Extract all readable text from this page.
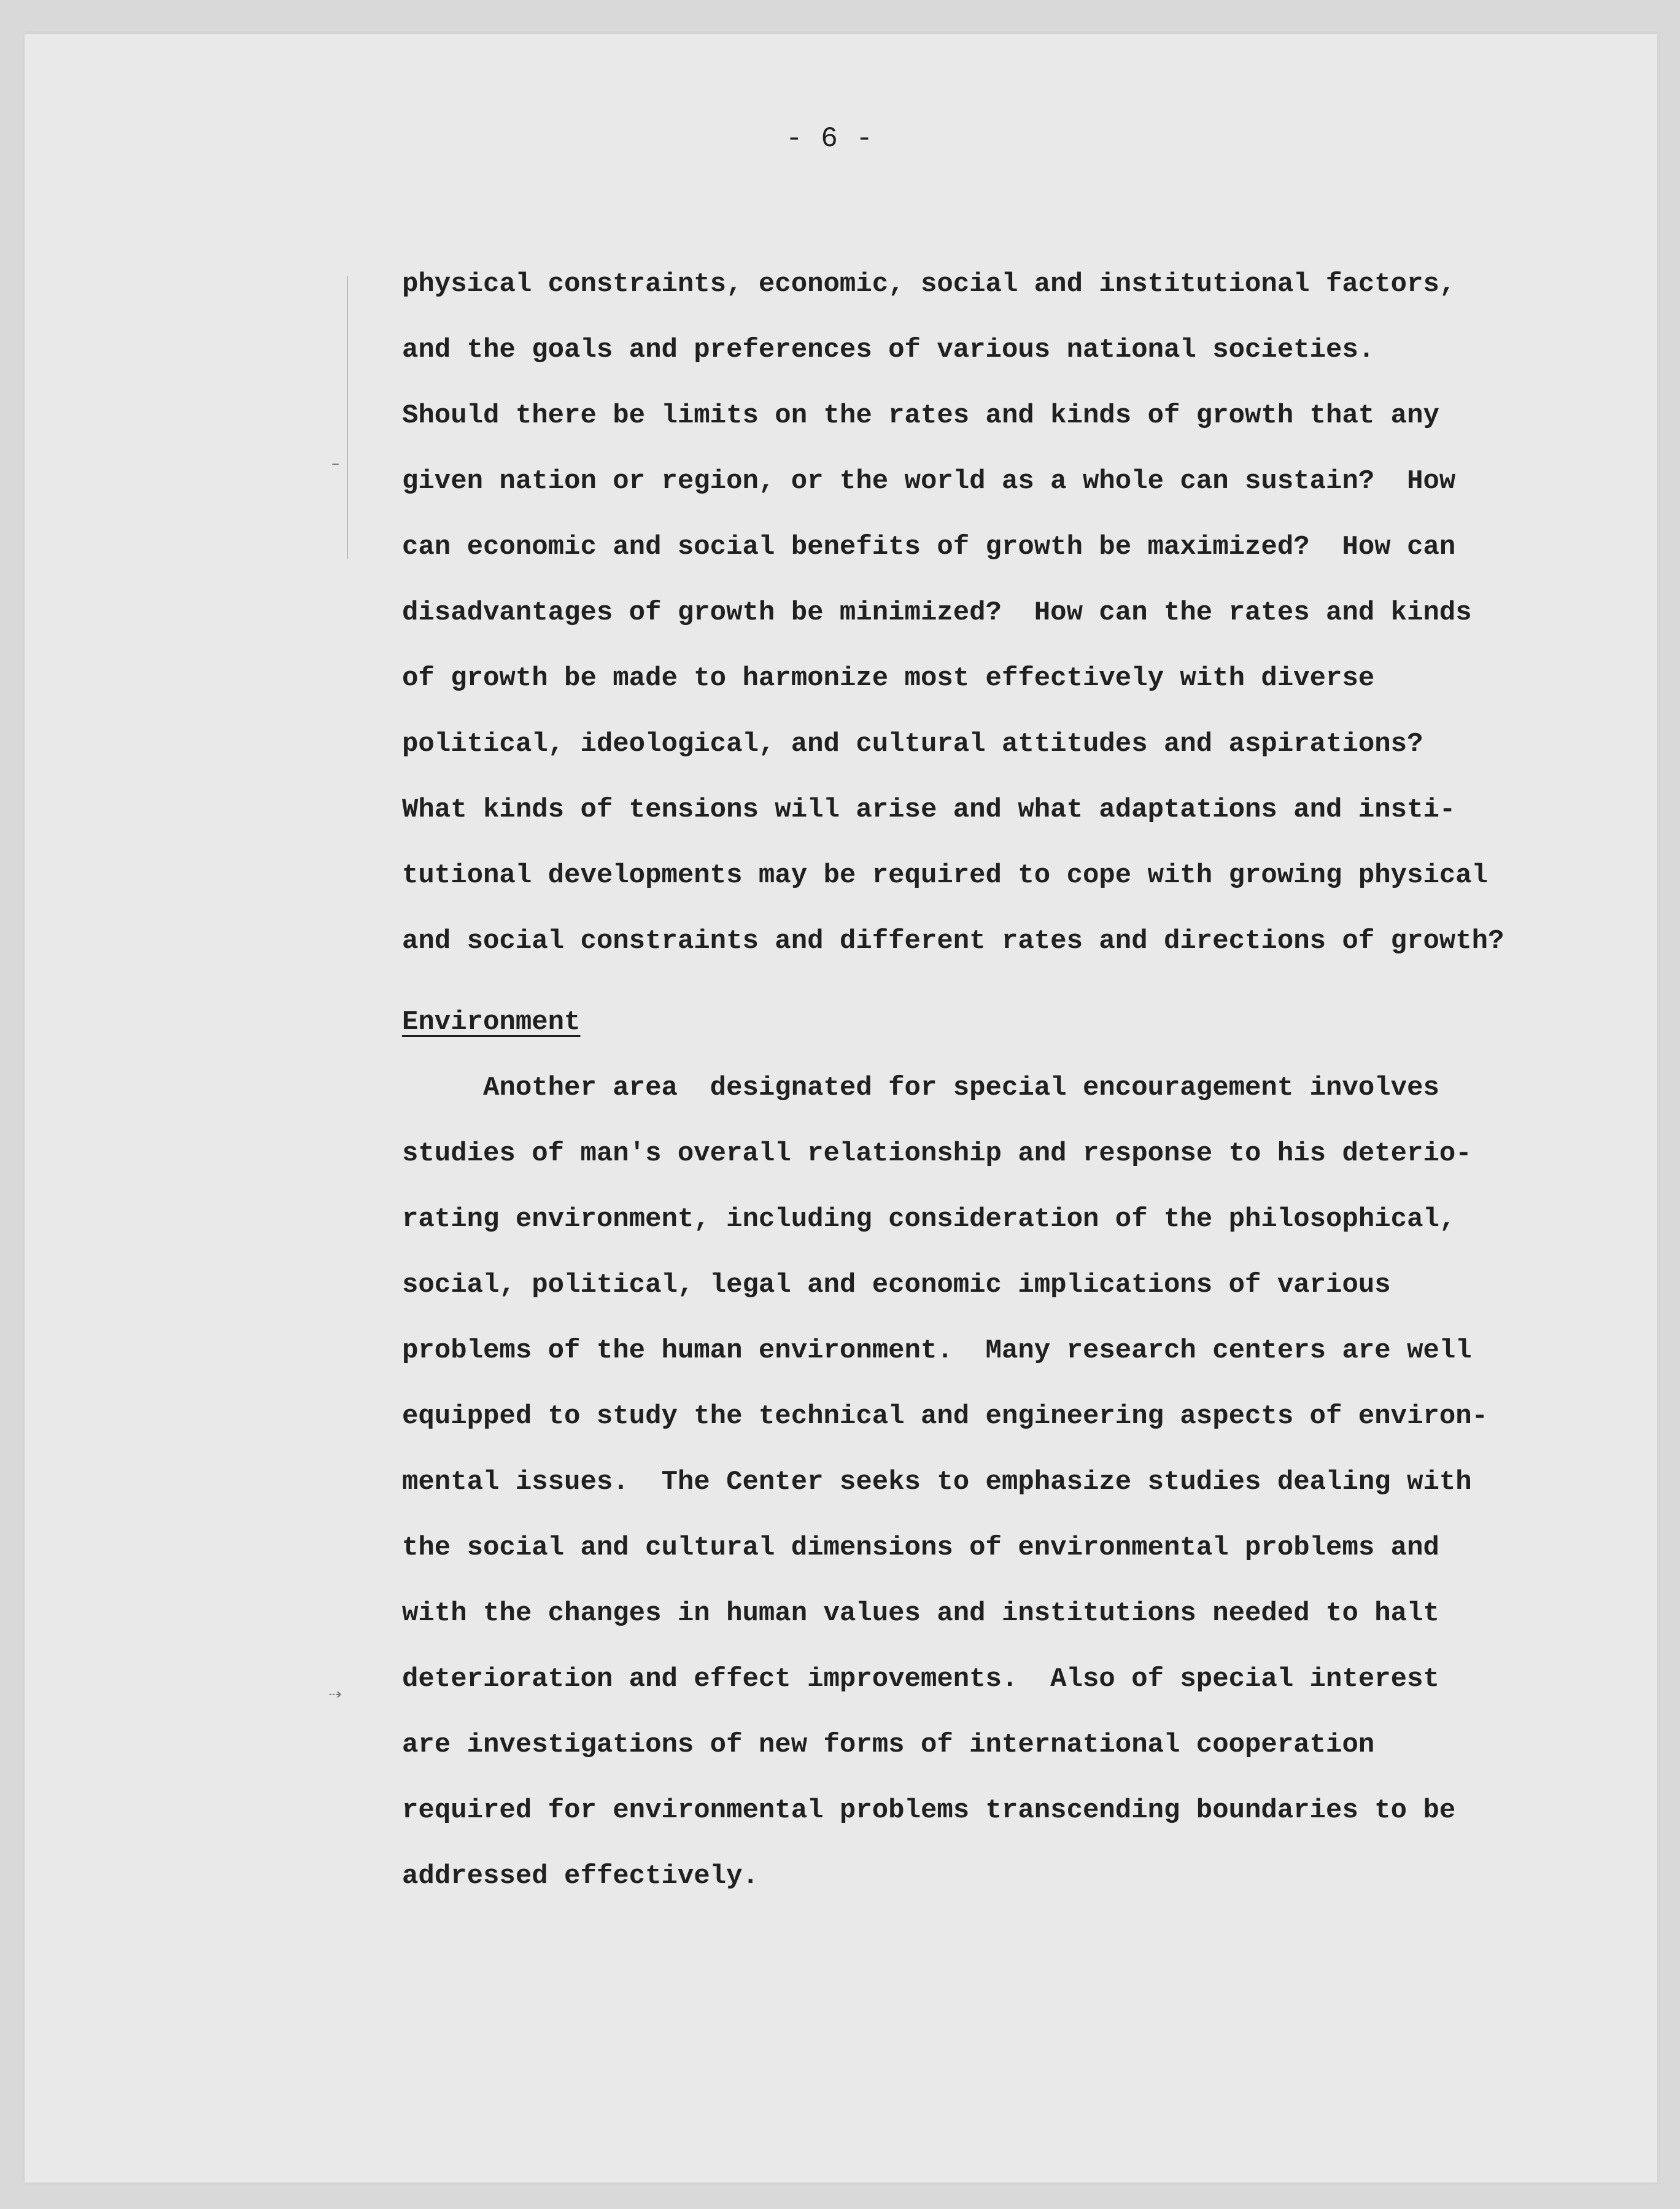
- 6 -
–
⇢
physical constraints, economic, social and institutional factors,
and the goals and preferences of various national societies.
Should there be limits on the rates and kinds of growth that any
given nation or region, or the world as a whole can sustain?  How
can economic and social benefits of growth be maximized?  How can
disadvantages of growth be minimized?  How can the rates and kinds
of growth be made to harmonize most effectively with diverse
political, ideological, and cultural attitudes and aspirations?
What kinds of tensions will arise and what adaptations and insti-
tutional developments may be required to cope with growing physical
and social constraints and different rates and directions of growth?
Environment
Another area  designated for special encouragement involves
studies of man's overall relationship and response to his deterio-
rating environment, including consideration of the philosophical,
social, political, legal and economic implications of various
problems of the human environment.  Many research centers are well
equipped to study the technical and engineering aspects of environ-
mental issues.  The Center seeks to emphasize studies dealing with
the social and cultural dimensions of environmental problems and
with the changes in human values and institutions needed to halt
deterioration and effect improvements.  Also of special interest
are investigations of new forms of international cooperation
required for environmental problems transcending boundaries to be
addressed effectively.
